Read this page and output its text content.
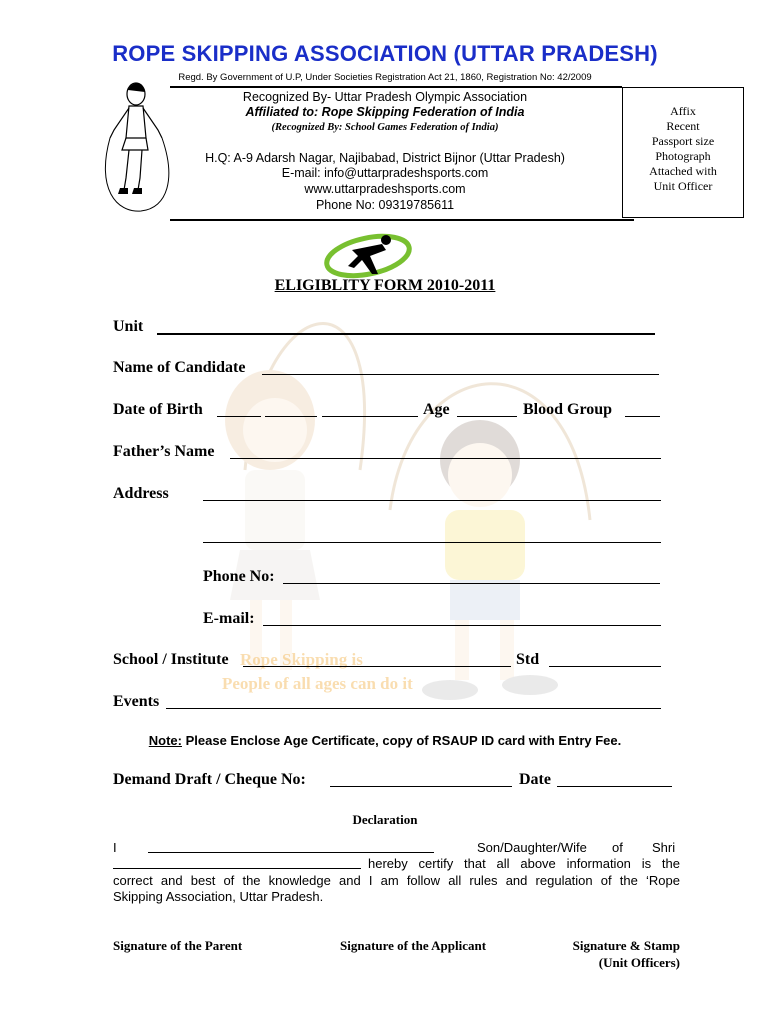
Rope Skipping is
People of all ages can do it
ROPE SKIPPING ASSOCIATION (UTTAR PRADESH)
Regd. By Government of U.P, Under Societies Registration Act 21, 1860, Registration No: 42/2009
Recognized By- Uttar Pradesh Olympic Association
Affiliated to: Rope Skipping Federation of India
(Recognized By: School Games Federation of India)
H.Q: A-9 Adarsh Nagar, Najibabad, District Bijnor (Uttar Pradesh)
E-mail: info@uttarpradeshsports.com
www.uttarpradeshsports.com
Phone No: 09319785611
Affix
Recent
Passport size
Photograph
Attached with
Unit Officer
ELIGIBLITY FORM 2010-2011
Unit
Name of Candidate
Date of Birth	Age	Blood Group
Father’s Name
Address
Phone No:
E-mail:
School / Institute	Std
Events
Note: Please Enclose Age Certificate, copy of RSAUP ID card with Entry Fee.
Demand Draft / Cheque No:	Date
Declaration
I	Son/Daughter/Wife of Shri
hereby certify that all above information is the
correct and best of the knowledge and I am follow all rules and regulation of the ‘Rope
Skipping Association, Uttar Pradesh.
Signature of the Parent	Signature of the Applicant	Signature & Stamp
(Unit Officers)
